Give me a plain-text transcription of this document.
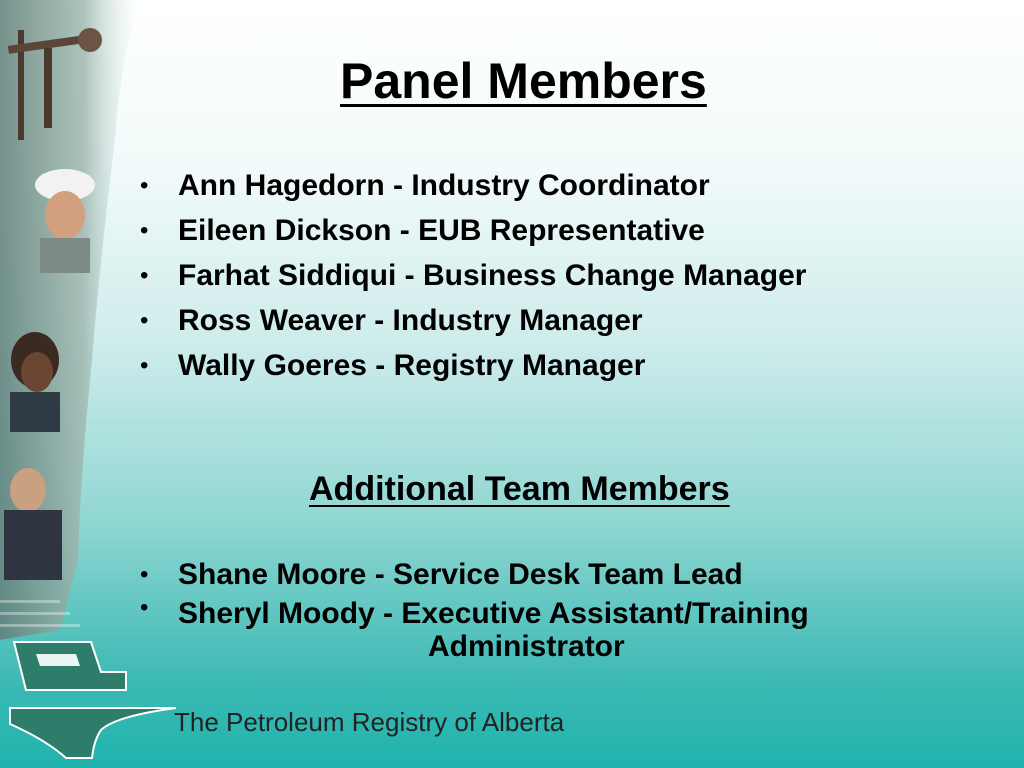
Panel Members
• Ann Hagedorn - Industry Coordinator
• Eileen Dickson - EUB Representative
• Farhat Siddiqui - Business Change Manager
• Ross Weaver - Industry Manager
• Wally Goeres - Registry Manager
Additional Team Members
• Shane Moore - Service Desk Team Lead
• Sheryl Moody - Executive Assistant/Training
Administrator
The Petroleum Registry of Alberta
